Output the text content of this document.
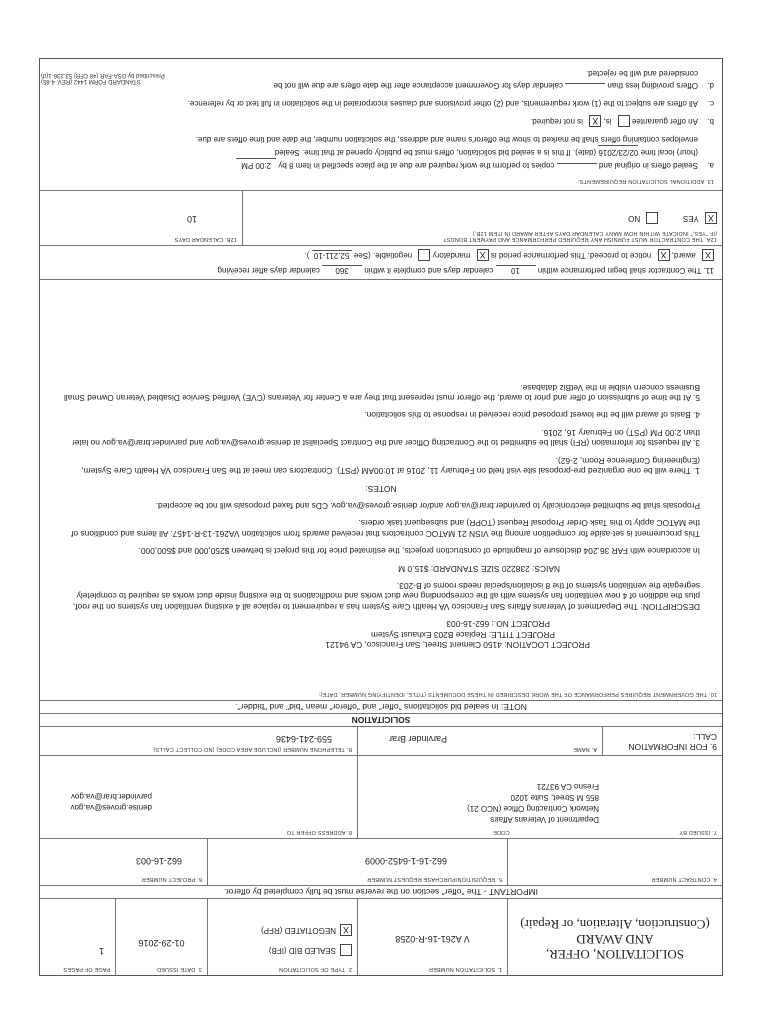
SOLICITATION, OFFER,
AND AWARD
(Construction, Alteration, or Repair)
1. SOLICITATION NUMBER
V A261-16-R-0258
2. TYPE OF SOLICITATION
SEALED BID (IFB)
XNEGOTIATED (RFP)
3. DATE ISSUED
01-29-2016
PAGE OF PAGES
1
IMPORTANT - The "offer" section on the reverse must be fully completed by offeror.
4. CONTRACT NUMBER
5. REQUISITION/PURCHASE REQUEST NUMBER
662-16-1-6452-0009
6. PROJECT NUMBER
662-16-003
7. ISSUED BY
CODE
Department of Veterans Affairs
Network Contracting Office (NCO 21)
855 M Street, Suite 1020
Fresno CA 93721
8. ADDRESS OFFER TO
denise.groves@va.gov
parvinder.brar@va.gov
9. FOR INFORMATION
CALL:
A. NAME
Parvinder Brar
B. TELEPHONE NUMBER (INCLUDE AREA CODE) (NO COLLECT CALLS)
559-241-6436
SOLICITATION
NOTE: In sealed bid solicitations "offer" and "offeror" mean "bid" and "bidder".
10. THE GOVERNMENT REQUIRES PERFORMANCE OF THE WORK DESCRIBED IN THESE DOCUMENTS (TITLE, IDENTIFYING NUMBER, DATE):

PROJECT LOCATION: 4150 Clement Street, San Francisco, CA 94121

PROJECT TITLE: Replace B203 Exhaust System

PROJECT NO.: 662-16-003

DESCRIPTION: The Department of Veterans Affairs San Francisco VA Health Care System has a requirement to replace all 4 existing ventilation fan systems on the roof, plus the addition of 4 new ventilation fan systems with all the corresponding new duct works and modifications to the existing inside duct works as required to completely segregate the ventilation systems of the 8 isolation/special needs rooms of B-203.

NAICS: 238220 SIZE STANDARD: $15.0 M

In accordance with FAR 36.204 disclosure of magnitude of construction projects, the estimated price for this project is between $250,000 and $500,000.

This procurement is set-aside for competition among the VISN 21 MATOC contractors that received awards from solicitation VA261-13-R-1457. All items and conditions of the MATOC apply to this Task Order Proposal Request (TOPR) and subsequent task orders.

Proposals shall be submitted electronically to parvinder.brar@va.gov and/or denise.groves@va.gov. CDs and faxed proposals will not be accepted.

NOTES:

1. There will be one organized pre-proposal site visit held on February 11, 2016 at 10:00AM (PST). Contractors can meet at the San Francisco VA Health Care System, (Engineering Conference Room, 2-62).

3. All requests for information (RFI) shall be submitted to the Contracting Officer and the Contract Specialist at denise.groves@va.gov and parvinder.brar@va.gov no later than 2:00 PM (PST) on February 16, 2016.

4. Basis of award will be the lowest proposed price received in response to this solicitation.

5. At the time of submission of offer and prior to award, the offeror must represent that they are a Center for Veterans (CVE) Verified Service Disabled Veteran Owned Small Business concern visible in the VetBiz database.

11. The Contractor shall begin performance within 10 calendar days and complete it within 360 calendar days after receiving
X award, X notice to proceed. This performance period is X mandatory  negotiable. (See 52.211-10 ).
12A. THE CONTRACTOR MUST FURNISH ANY REQUIRED PERFORMANCE AND PAYMENT BONDS?
(IF "YES," INDICATE WITHIN HOW MANY CALENDAR DAYS AFTER AWARD IN ITEM 12B.)
X YES   NO
12B. CALENDAR DAYS
10
13. ADDITIONAL SOLICITATION REQUIREMENTS:
a.
Sealed offers in original and  copies to perform the work required are due at the place specified in Item 8 by 2:00 PM
(hour) local time 02/23/2016 (date). If this is a sealed bid solicitation, offers must be publicly opened at that time. Sealed
envelopes containing offers shall be marked to show the offeror's name and address, the solicitation number, the date and time offers are due.
b.
An offer guarantee  is, X is not required.
c.
All offers are subject to the (1) work requirements, and (2) other provisions and clauses incorporated in the solicitation in full text or by reference.
d.
Offers providing less than  calendar days for Government acceptance after the date offers are due will not be
considered and will be rejected.
STANDARD FORM 1442 (REV. 4-85)
Prescribed by GSA-FAR (48 CFR) 53.236-1(d)
